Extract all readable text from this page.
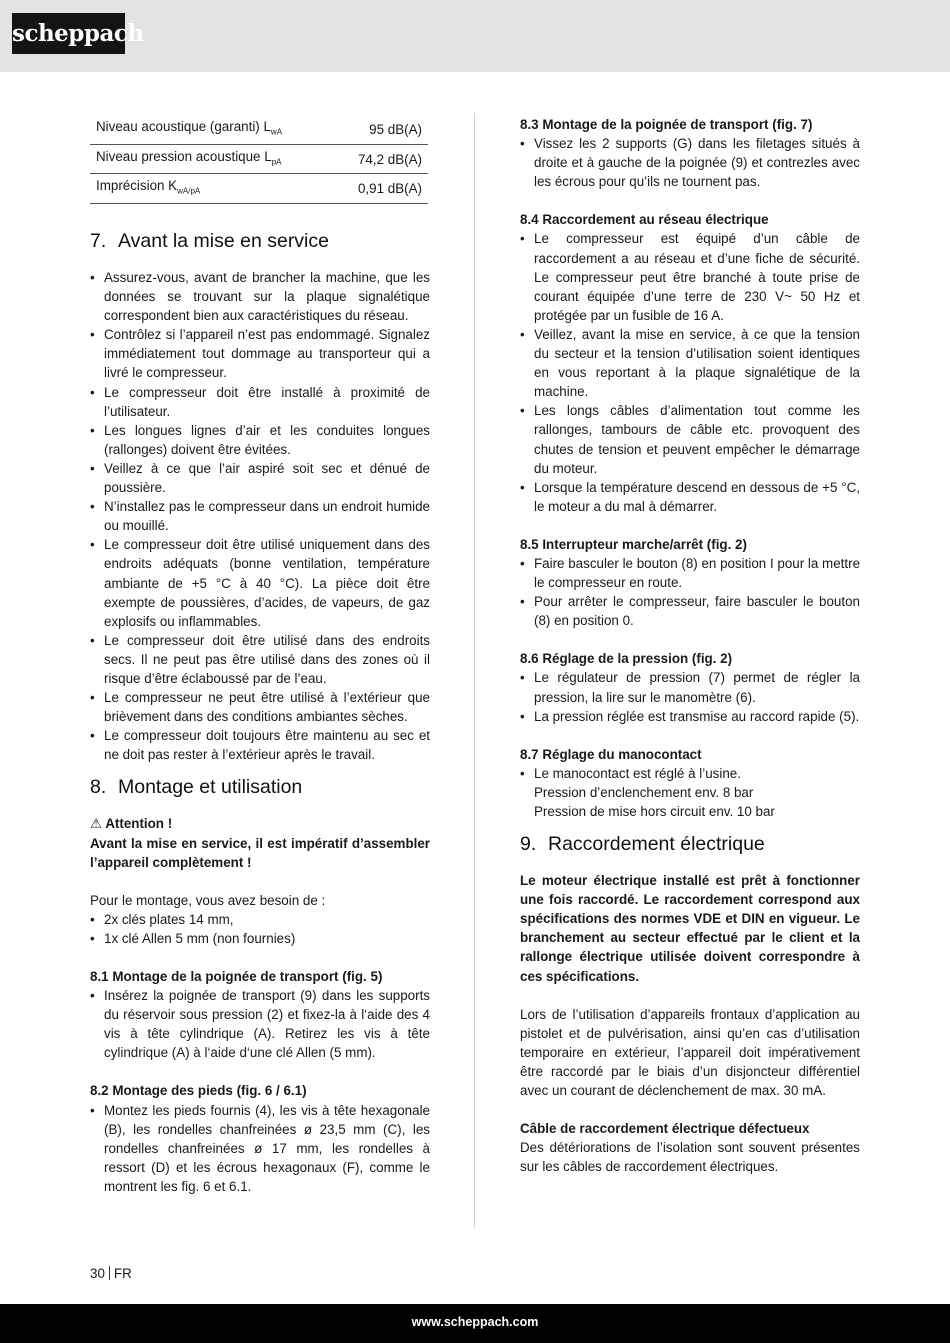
scheppach
Niveau acoustique (garanti) $L_{wA}$	95 dB(A)
Niveau pression acoustique $L_{pA}$	74,2 dB(A)
Imprécision $K_{wA/pA}$	0,91 dB(A)
7. Avant la mise en service
• Assurez-vous, avant de brancher la machine, que les données se trouvant sur la plaque signalétique correspondent bien aux caractéristiques du réseau.
• Contrôlez si l’appareil n’est pas endommagé. Signalez immédiatement tout dommage au transporteur qui a livré le compresseur.
• Le compresseur doit être installé à proximité de l’utilisateur.
• Les longues lignes d’air et les conduites longues (rallonges) doivent être évitées.
• Veillez à ce que l’air aspiré soit sec et dénué de poussière.
• N’installez pas le compresseur dans un endroit humide ou mouillé.
• Le compresseur doit être utilisé uniquement dans des endroits adéquats (bonne ventilation, température ambiante de +5 °C à 40 °C). La pièce doit être exempte de poussières, d’acides, de vapeurs, de gaz explosifs ou inflammables.
• Le compresseur doit être utilisé dans des endroits secs. Il ne peut pas être utilisé dans des zones où il risque d’être éclaboussé par de l’eau.
• Le compresseur ne peut être utilisé à l’extérieur que brièvement dans des conditions ambiantes sèches.
• Le compresseur doit toujours être maintenu au sec et ne doit pas rester à l’extérieur après le travail.
8. Montage et utilisation

⚠ Attention !

Avant la mise en service, il est impératif d’assembler l’appareil complètement !

Pour le montage, vous avez besoin de :

• 2x clés plates 14 mm,
• 1x clé Allen 5 mm (non fournies)
8.1 Montage de la poignée de transport (fig. 5)
• Insérez la poignée de transport (9) dans les supports du réservoir sous pression (2) et fixez-la à l‘aide des 4 vis à tête cylindrique (A). Retirez les vis à tête cylindrique (A) à l‘aide d‘une clé Allen (5 mm).
8.2 Montage des pieds (fig. 6 / 6.1)
• Montez les pieds fournis (4), les vis à tête hexagonale (B), les rondelles chanfreinées ø 23,5 mm (C), les rondelles chanfreinées ø 17 mm, les rondelles à ressort (D) et les écrous hexagonaux (F), comme le montrent les fig. 6 et 6.1.
8.3 Montage de la poignée de transport (fig. 7)
• Vissez les 2 supports (G) dans les filetages situés à droite et à gauche de la poignée (9) et contrezles avec les écrous pour qu’ils ne tournent pas.
8.4 Raccordement au réseau électrique
• Le compresseur est équipé d’un câble de raccordement a au réseau et d’une fiche de sécurité. Le compresseur peut être branché à toute prise de courant équipée d’une terre de 230 V~ 50 Hz et protégée par un fusible de 16 A.
• Veillez, avant la mise en service, à ce que la tension du secteur et la tension d’utilisation soient identiques en vous reportant à la plaque signalétique de la machine.
• Les longs câbles d’alimentation tout comme les rallonges, tambours de câble etc. provoquent des chutes de tension et peuvent empêcher le démarrage du moteur.
• Lorsque la température descend en dessous de +5 °C, le moteur a du mal à démarrer.
8.5 Interrupteur marche/arrêt (fig. 2)
• Faire basculer le bouton (8) en position I pour la mettre le compresseur en route.
• Pour arrêter le compresseur, faire basculer le bouton (8) en position 0.
8.6 Réglage de la pression (fig. 2)
• Le régulateur de pression (7) permet de régler la pression, la lire sur le manomètre (6).
• La pression réglée est transmise au raccord rapide (5).
8.7 Réglage du manocontact
• Le manocontact est réglé à l’usine.
Pression d’enclenchement env. 8 bar
Pression de mise hors circuit env. 10 bar
9. Raccordement électrique

Le moteur électrique installé est prêt à fonctionner une fois raccordé. Le raccordement correspond aux spécifications des normes VDE et DIN en vigueur. Le branchement au secteur effectué par le client et la rallonge électrique utilisée doivent correspondre à ces spécifications.

Lors de l’utilisation d’appareils frontaux d’application au pistolet et de pulvérisation, ainsi qu’en cas d’utilisation temporaire en extérieur, l’appareil doit impérativement être raccordé par le biais d’un disjoncteur différentiel avec un courant de déclenchement de max. 30 mA.

Câble de raccordement électrique défectueux

Des détériorations de l’isolation sont souvent présentes sur les câbles de raccordement électriques.

30 FR
www.scheppach.com
